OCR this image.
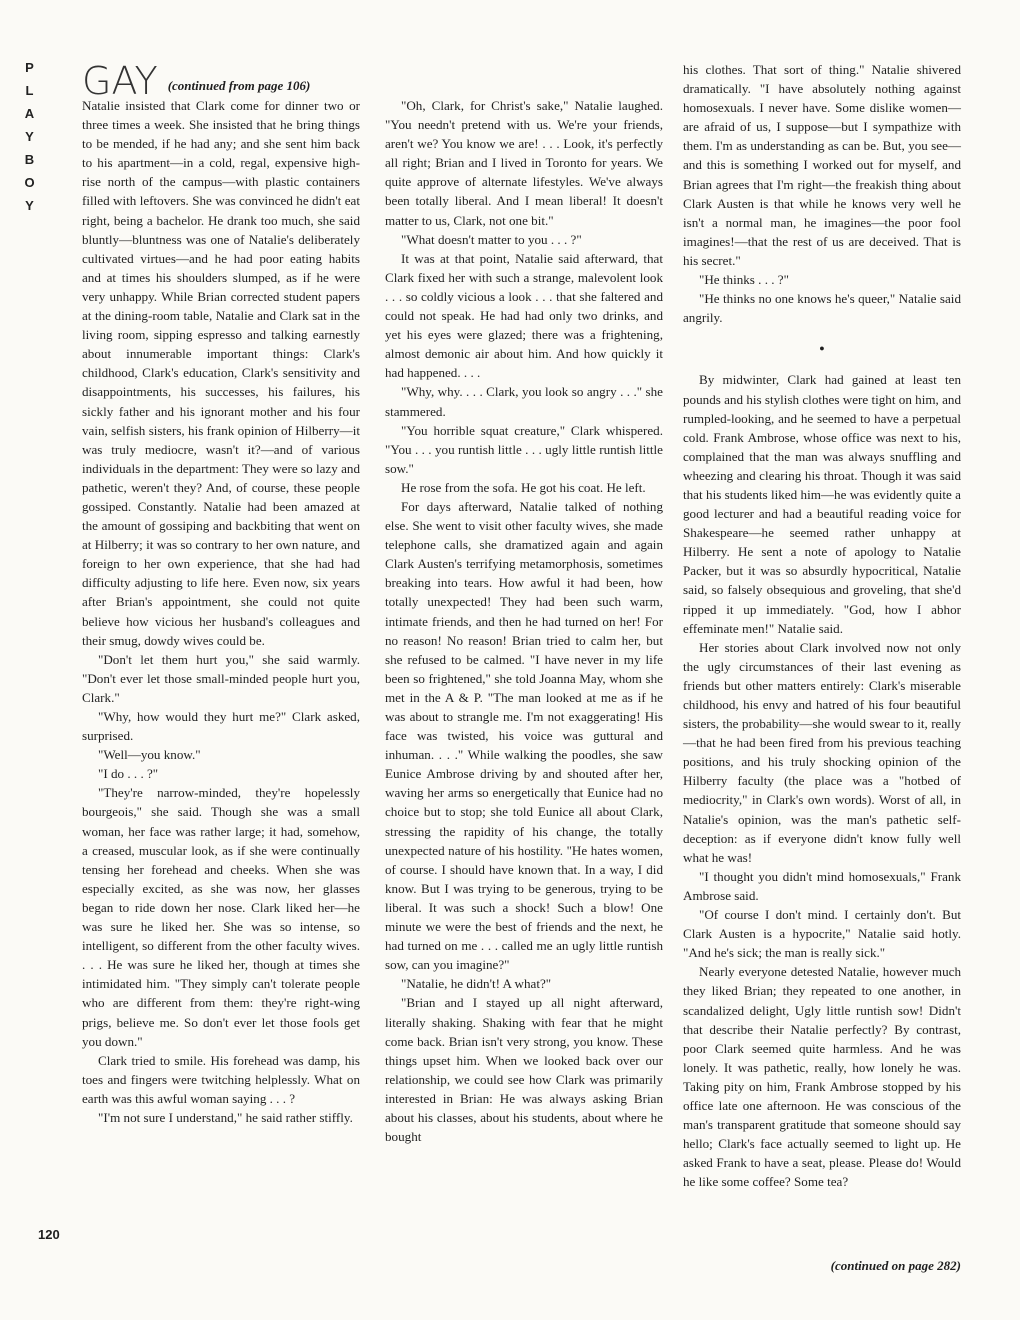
PLAYBOY GAY (continued from page 106)

Natalie insisted that Clark come for dinner two or three times a week. She insisted that he bring things to be mended, if he had any; and she sent him back to his apartment—in a cold, regal, expensive high-rise north of the campus—with plastic containers filled with leftovers. She was convinced he didn't eat right, being a bachelor. He drank too much, she said bluntly—bluntness was one of Natalie's deliberately cultivated virtues—and he had poor eating habits and at times his shoulders slumped, as if he were very unhappy. While Brian corrected student papers at the dining-room table, Natalie and Clark sat in the living room, sipping espresso and talking earnestly about innumerable important things: Clark's childhood, Clark's education, Clark's sensitivity and disappointments, his successes, his failures, his sickly father and his ignorant mother and his four vain, selfish sisters, his frank opinion of Hilberry—it was truly mediocre, wasn't it?—and of various individuals in the department: They were so lazy and pathetic, weren't they? And, of course, these people gossiped. Constantly. Natalie had been amazed at the amount of gossiping and backbiting that went on at Hilberry; it was so contrary to her own nature, and foreign to her own experience, that she had had difficulty adjusting to life here. Even now, six years after Brian's appointment, she could not quite believe how vicious her husband's colleagues and their smug, dowdy wives could be.

"Don't let them hurt you," she said warmly. "Don't ever let those small-minded people hurt you, Clark."

"Why, how would they hurt me?" Clark asked, surprised.

"Well—you know."

"I do . . . ?"

"They're narrow-minded, they're hopelessly bourgeois," she said. Though she was a small woman, her face was rather large; it had, somehow, a creased, muscular look, as if she were continually tensing her forehead and cheeks. When she was especially excited, as she was now, her glasses began to ride down her nose. Clark liked her—he was sure he liked her. She was so intense, so intelligent, so different from the other faculty wives. . . . He was sure he liked her, though at times she intimidated him. "They simply can't tolerate people who are different from them: they're right-wing prigs, believe me. So don't ever let those fools get you down."

Clark tried to smile. His forehead was damp, his toes and fingers were twitching helplessly. What on earth was this awful woman saying . . . ?

"I'm not sure I understand," he said rather stiffly.

"Oh, Clark, for Christ's sake," Natalie laughed. "You needn't pretend with us. We're your friends, aren't we? You know we are! . . . Look, it's perfectly all right; Brian and I lived in Toronto for years. We quite approve of alternate lifestyles. We've always been totally liberal. And I mean liberal! It doesn't matter to us, Clark, not one bit."

"What doesn't matter to you . . . ?"

It was at that point, Natalie said afterward, that Clark fixed her with such a strange, malevolent look . . . so coldly vicious a look . . . that she faltered and could not speak. He had had only two drinks, and yet his eyes were glazed; there was a frightening, almost demonic air about him. And how quickly it had happened. . . .

"Why, why. . . . Clark, you look so angry . . ." she stammered.

"You horrible squat creature," Clark whispered. "You . . . you runtish little . . . ugly little runtish little sow."

He rose from the sofa. He got his coat. He left.

For days afterward, Natalie talked of nothing else. She went to visit other faculty wives, she made telephone calls, she dramatized again and again Clark Austen's terrifying metamorphosis, sometimes breaking into tears. How awful it had been, how totally unexpected! They had been such warm, intimate friends, and then he had turned on her! For no reason! No reason! Brian tried to calm her, but she refused to be calmed. "I have never in my life been so frightened," she told Joanna May, whom she met in the A & P. "The man looked at me as if he was about to strangle me. I'm not exaggerating! His face was twisted, his voice was guttural and inhuman. . . ." While walking the poodles, she saw Eunice Ambrose driving by and shouted after her, waving her arms so energetically that Eunice had no choice but to stop; she told Eunice all about Clark, stressing the rapidity of his change, the totally unexpected nature of his hostility. "He hates women, of course. I should have known that. In a way, I did know. But I was trying to be generous, trying to be liberal. It was such a shock! Such a blow! One minute we were the best of friends and the next, he had turned on me . . . called me an ugly little runtish sow, can you imagine?"

"Natalie, he didn't! A what?"

"Brian and I stayed up all night afterward, literally shaking. Shaking with fear that he might come back. Brian isn't very strong, you know. These things upset him. When we looked back over our relationship, we could see how Clark was primarily interested in Brian: He was always asking Brian about his classes, about his students, about where he bought

his clothes. That sort of thing." Natalie shivered dramatically. "I have absolutely nothing against homosexuals. I never have. Some dislike women—are afraid of us, I suppose—but I sympathize with them. I'm as understanding as can be. But, you see—and this is something I worked out for myself, and Brian agrees that I'm right—the freakish thing about Clark Austen is that while he knows very well he isn't a normal man, he imagines—the poor fool imagines!—that the rest of us are deceived. That is his secret."

"He thinks . . . ?"

"He thinks no one knows he's queer," Natalie said angrily.

●

By midwinter, Clark had gained at least ten pounds and his stylish clothes were tight on him, and rumpled-looking, and he seemed to have a perpetual cold. Frank Ambrose, whose office was next to his, complained that the man was always snuffling and wheezing and clearing his throat. Though it was said that his students liked him—he was evidently quite a good lecturer and had a beautiful reading voice for Shakespeare—he seemed rather unhappy at Hilberry. He sent a note of apology to Natalie Packer, but it was so absurdly hypocritical, Natalie said, so falsely obsequious and groveling, that she'd ripped it up immediately. "God, how I abhor effeminate men!" Natalie said.

Her stories about Clark involved now not only the ugly circumstances of their last evening as friends but other matters entirely: Clark's miserable childhood, his envy and hatred of his four beautiful sisters, the probability—she would swear to it, really—that he had been fired from his previous teaching positions, and his truly shocking opinion of the Hilberry faculty (the place was a "hotbed of mediocrity," in Clark's own words). Worst of all, in Natalie's opinion, was the man's pathetic self-deception: as if everyone didn't know fully well what he was!

"I thought you didn't mind homosexuals," Frank Ambrose said.

"Of course I don't mind. I certainly don't. But Clark Austen is a hypocrite," Natalie said hotly. "And he's sick; the man is really sick."

Nearly everyone detested Natalie, however much they liked Brian; they repeated to one another, in scandalized delight, Ugly little runtish sow! Didn't that describe their Natalie perfectly? By contrast, poor Clark seemed quite harmless. And he was lonely. It was pathetic, really, how lonely he was. Taking pity on him, Frank Ambrose stopped by his office late one afternoon. He was conscious of the man's transparent gratitude that someone should say hello; Clark's face actually seemed to light up. He asked Frank to have a seat, please. Please do! Would he like some coffee? Some tea?

120
(continued on page 282)
